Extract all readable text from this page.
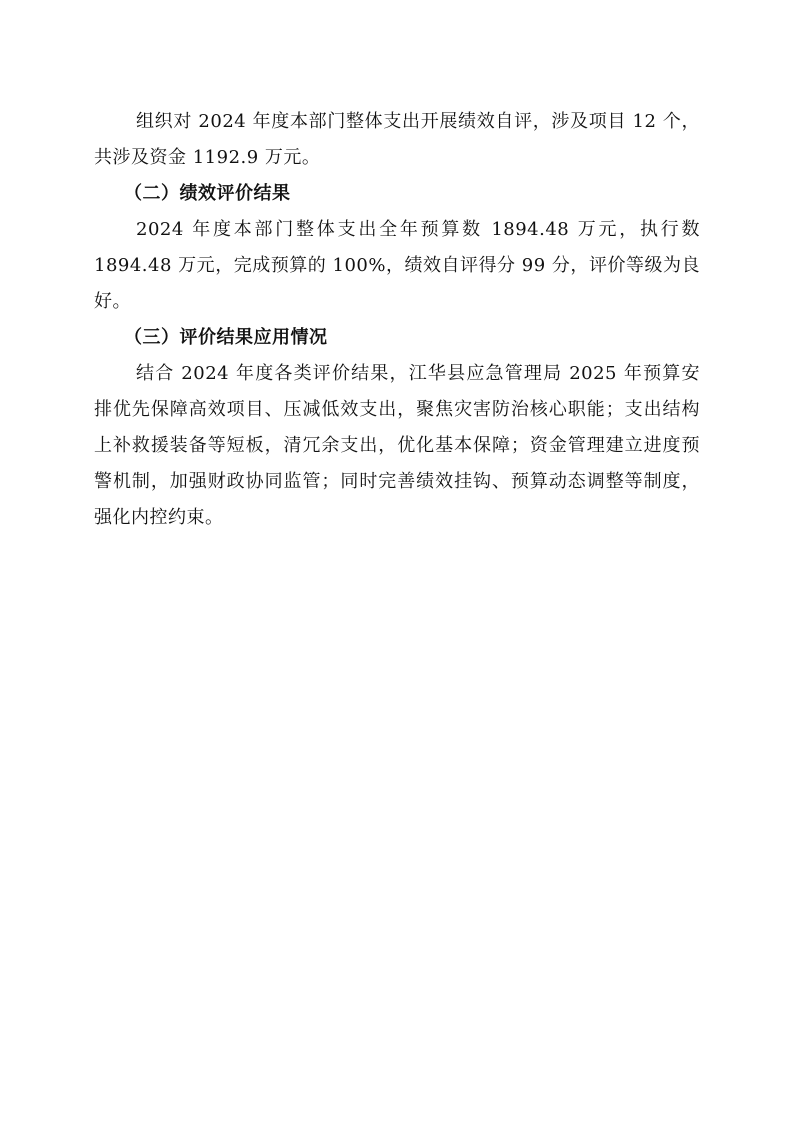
组织对 2024 年度本部门整体支出开展绩效自评，涉及项目 12 个，共涉及资金 1192.9 万元。

（二）绩效评价结果

2024 年度本部门整体支出全年预算数 1894.48 万元，执行数 1894.48 万元，完成预算的 100%，绩效自评得分 99 分，评价等级为良好。

（三）评价结果应用情况

结合 2024 年度各类评价结果，江华县应急管理局 2025 年预算安排优先保障高效项目、压减低效支出，聚焦灾害防治核心职能；支出结构上补救援装备等短板，清冗余支出，优化基本保障；资金管理建立进度预警机制，加强财政协同监管；同时完善绩效挂钩、预算动态调整等制度，强化内控约束。
